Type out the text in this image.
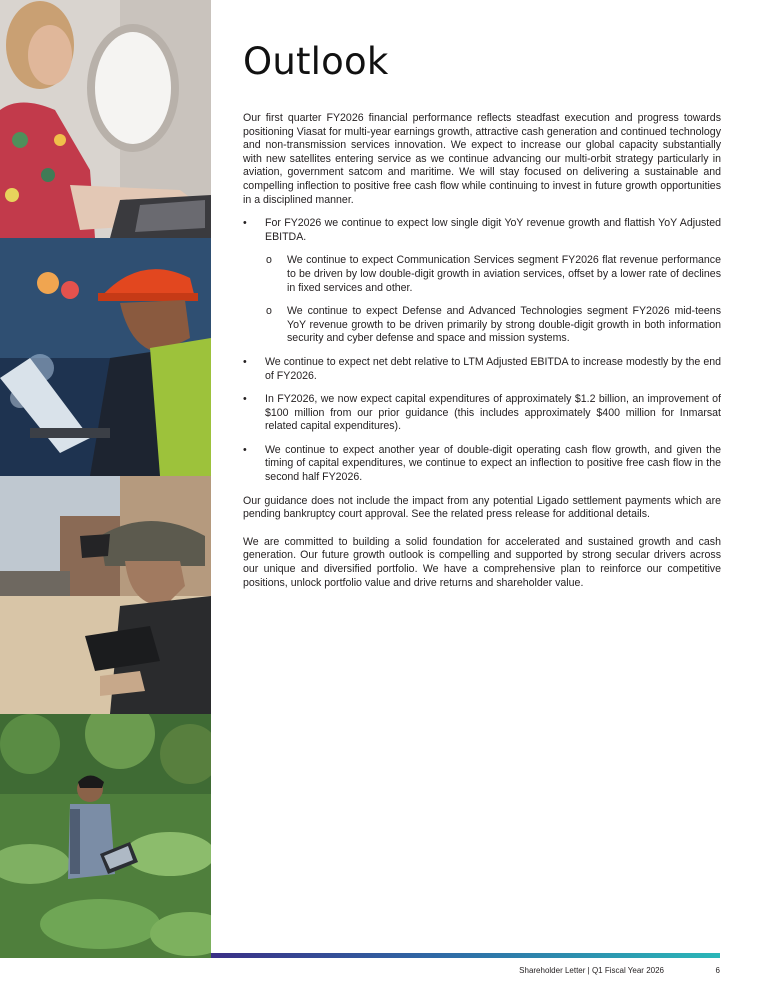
Outlook

Our first quarter FY2026 financial performance reflects steadfast execution and progress towards positioning Viasat for multi-year earnings growth, attractive cash generation and continued technology and non-transmission services innovation. We expect to increase our global capacity substantially with new satellites entering service as we continue advancing our multi-orbit strategy particularly in aviation, government satcom and maritime. We will stay focused on delivering a sustainable and compelling inflection to positive free cash flow while continuing to invest in future growth opportunities in a disciplined manner.

• For FY2026 we continue to expect low single digit YoY revenue growth and flattish YoY Adjusted EBITDA.
o We continue to expect Communication Services segment FY2026 flat revenue performance to be driven by low double-digit growth in aviation services, offset by a lower rate of declines in fixed services and other.
o We continue to expect Defense and Advanced Technologies segment FY2026 mid-teens YoY revenue growth to be driven primarily by strong double-digit growth in both information security and cyber defense and space and mission systems.
• We continue to expect net debt relative to LTM Adjusted EBITDA to increase modestly by the end of FY2026.
• In FY2026, we now expect capital expenditures of approximately $1.2 billion, an improvement of $100 million from our prior guidance (this includes approximately $400 million for Inmarsat related capital expenditures).
• We continue to expect another year of double-digit operating cash flow growth, and given the timing of capital expenditures, we continue to expect an inflection to positive free cash flow in the second half FY2026.

Our guidance does not include the impact from any potential Ligado settlement payments which are pending bankruptcy court approval. See the related press release for additional details.

We are committed to building a solid foundation for accelerated and sustained growth and cash generation. Our future growth outlook is compelling and supported by strong secular drivers across our unique and diversified portfolio. We have a comprehensive plan to reinforce our competitive positions, unlock portfolio value and drive returns and shareholder value.

Shareholder Letter | Q1 Fiscal Year 2026	6
